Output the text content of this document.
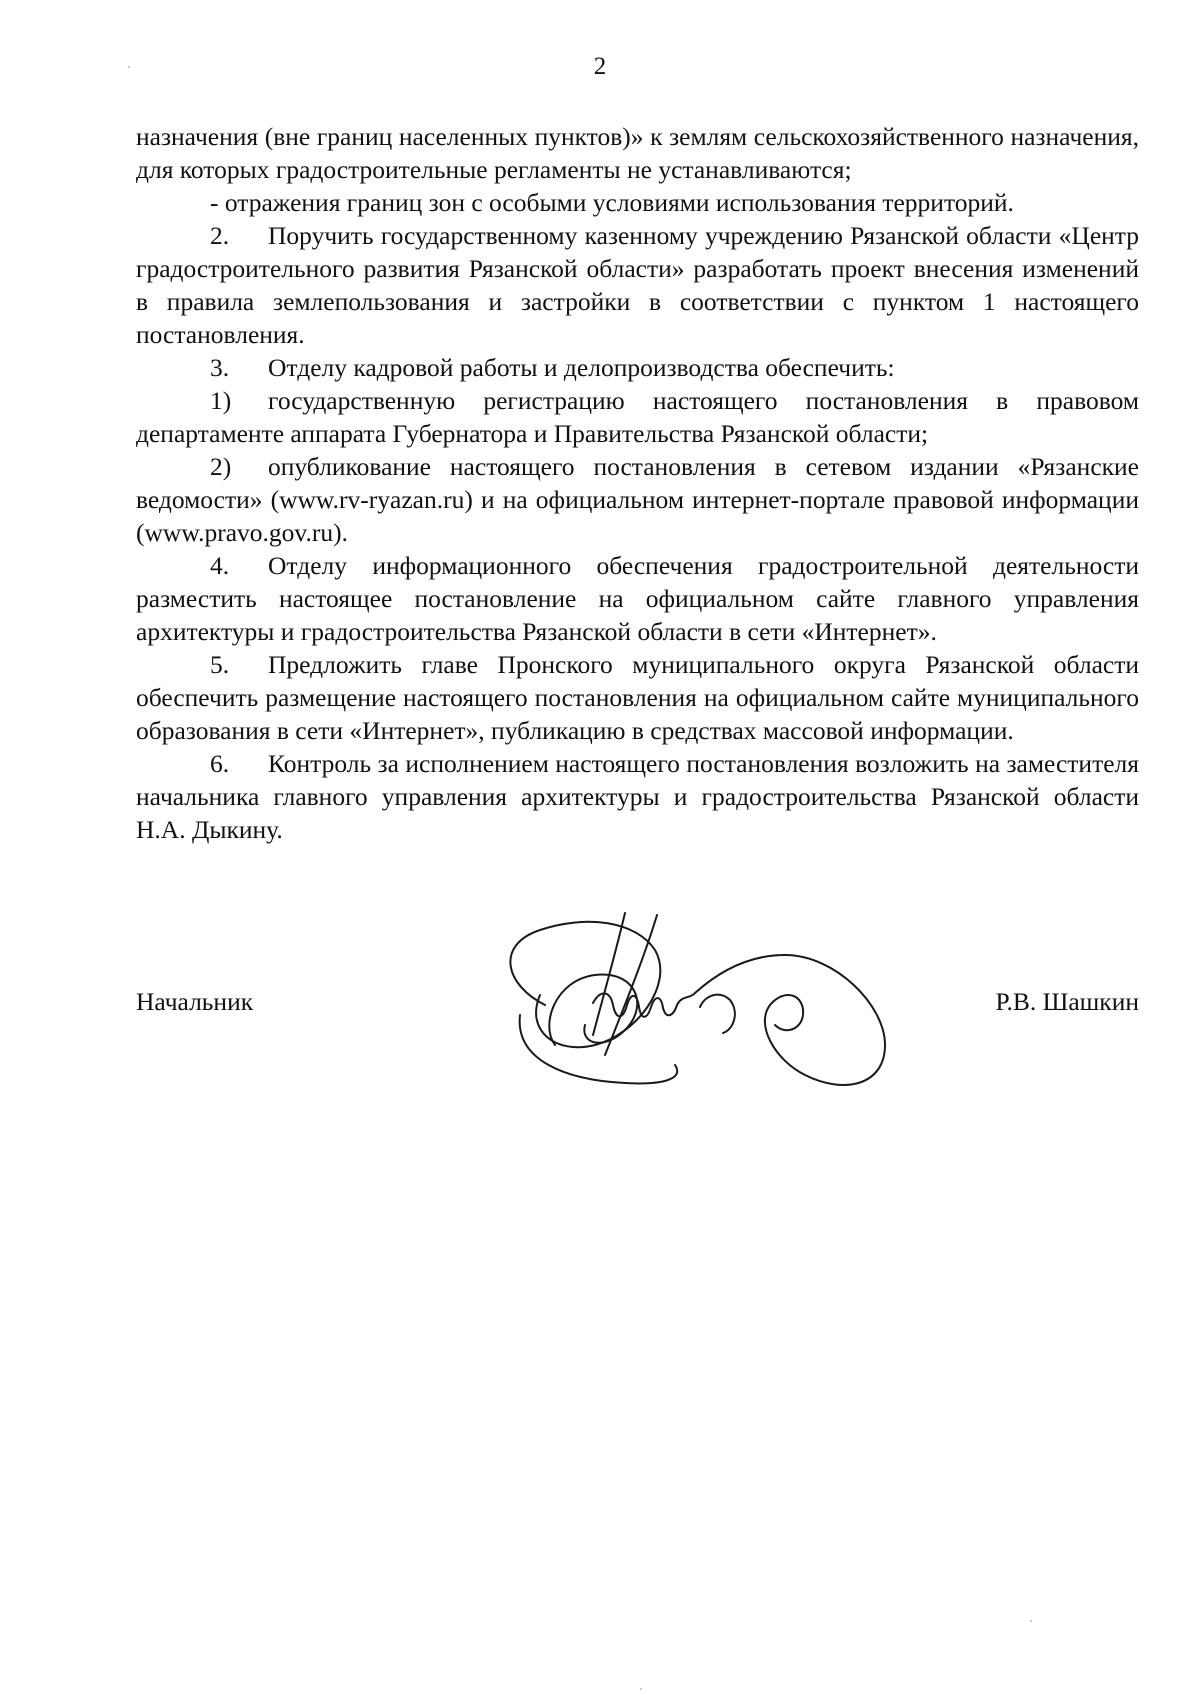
2

назначения (вне границ населенных пунктов)» к землям сельскохозяйственного назначения, для которых градостроительные регламенты не устанавливаются;

- отражения границ зон с особыми условиями использования территорий.

2. Поручить государственному казенному учреждению Рязанской области «Центр градостроительного развития Рязанской области» разработать проект внесения изменений в правила землепользования и застройки в соответствии с пунктом 1 настоящего постановления.

3. Отделу кадровой работы и делопроизводства обеспечить:

1) государственную регистрацию настоящего постановления в правовом департаменте аппарата Губернатора и Правительства Рязанской области;

2) опубликование настоящего постановления в сетевом издании «Рязанские ведомости» (www.rv-ryazan.ru) и на официальном интернет-портале правовой информации (www.pravo.gov.ru).

4. Отделу информационного обеспечения градостроительной деятельности разместить настоящее постановление на официальном сайте главного управления архитектуры и градостроительства Рязанской области в сети «Интернет».

5. Предложить главе Пронского муниципального округа Рязанской области обеспечить размещение настоящего постановления на официальном сайте муниципального образования в сети «Интернет», публикацию в средствах массовой информации.

6. Контроль за исполнением настоящего постановления возложить на заместителя начальника главного управления архитектуры и градостроительства Рязанской области Н.А. Дыкину.

Начальник	Р.В. Шашкин
